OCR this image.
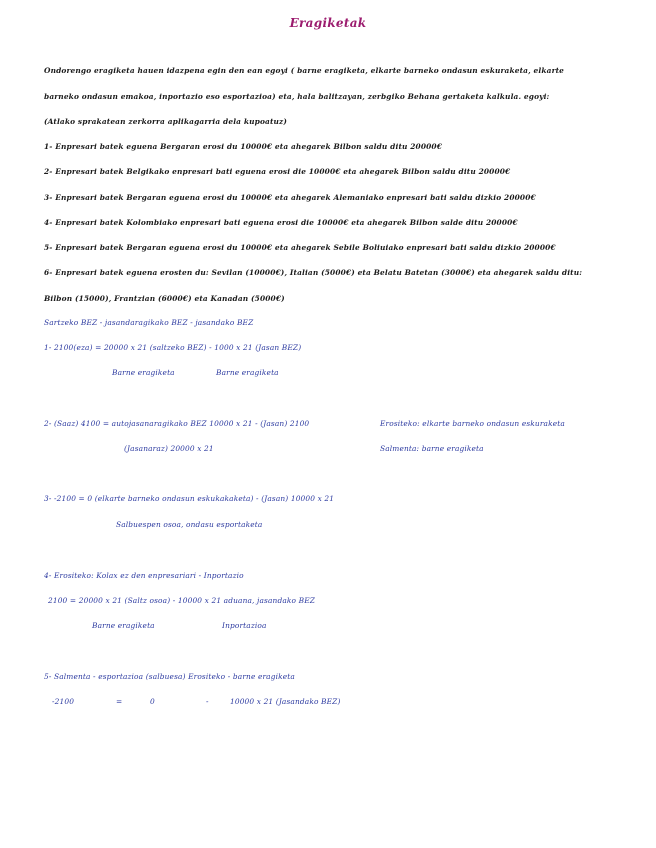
Eragiketak
Ondorengo eragiketa hauen idazpena egin den ean egoyi ( barne eragiketa, elkarte barneko ondasun eskuraketa, elkarte
barneko ondasun emakoa, inportazio eso esportazioa) eta, hala balitzayan, zerbgiko Behana gertaketa kalkula. egoyi:
(Atlako sprakatean zerkorra aplikagarria dela kupoatuz)
1- Enpresari batek eguena Bergaran erosi du 10000€ eta ahegarek Bilbon saldu ditu 20000€
2- Enpresari batek Belgikako enpresari bati eguena erosi die 10000€ eta ahegarek Bilbon saldu ditu 20000€
3- Enpresari batek Bergaran eguena erosi du 10000€ eta ahegarek Alemaniako enpresari bati saldu dizkio 20000€
4- Enpresari batek Kolombiako enpresari bati eguena erosi die 10000€ eta ahegarek Bilbon salde ditu 20000€
5- Enpresari batek Bergaran eguena erosi du 10000€ eta ahegarek Sebile Boliuiako enpresari bati saldu dizkio 20000€
6- Enpresari batek eguena erosten du: Sevilan (10000€), Italian (5000€) eta Belatu Batetan (3000€) eta ahegarek saldu ditu:
Bilbon (15000), Frantzian (6000€) eta Kanadan (5000€)
Sartzeko BEZ - jasandaragikako BEZ - jasandako BEZ
1- 2100(eza) = 20000 x 21 (saltzeko BEZ) - 1000 x 21 (Jasan BEZ)
Barne eragiketa	Barne eragiketa
2- (Saaz) 4100 = autojasanaragikako BEZ 10000 x 21 - (Jasan) 2100
(Jasanaraz) 20000 x 21
Erositeko: elkarte barneko ondasun eskuraketa
Salmenta: barne eragiketa
3- -2100 = 0 (elkarte barneko ondasun eskukakaketa) - (Jasan) 10000 x 21
Salbuespen osoa, ondasu esportaketa
4- Erositeko: Kolax ez den enpresariari - Inportazio
2100 = 20000 x 21 (Saltz osoa) - 10000 x 21 aduana, jasandako BEZ
Barne eragiketa	Inportazioa
5- Salmenta - esportazioa (salbuesa) Erositeko - barne eragiketa
-2100	=	0	-	10000 x 21 (Jasandako BEZ)
